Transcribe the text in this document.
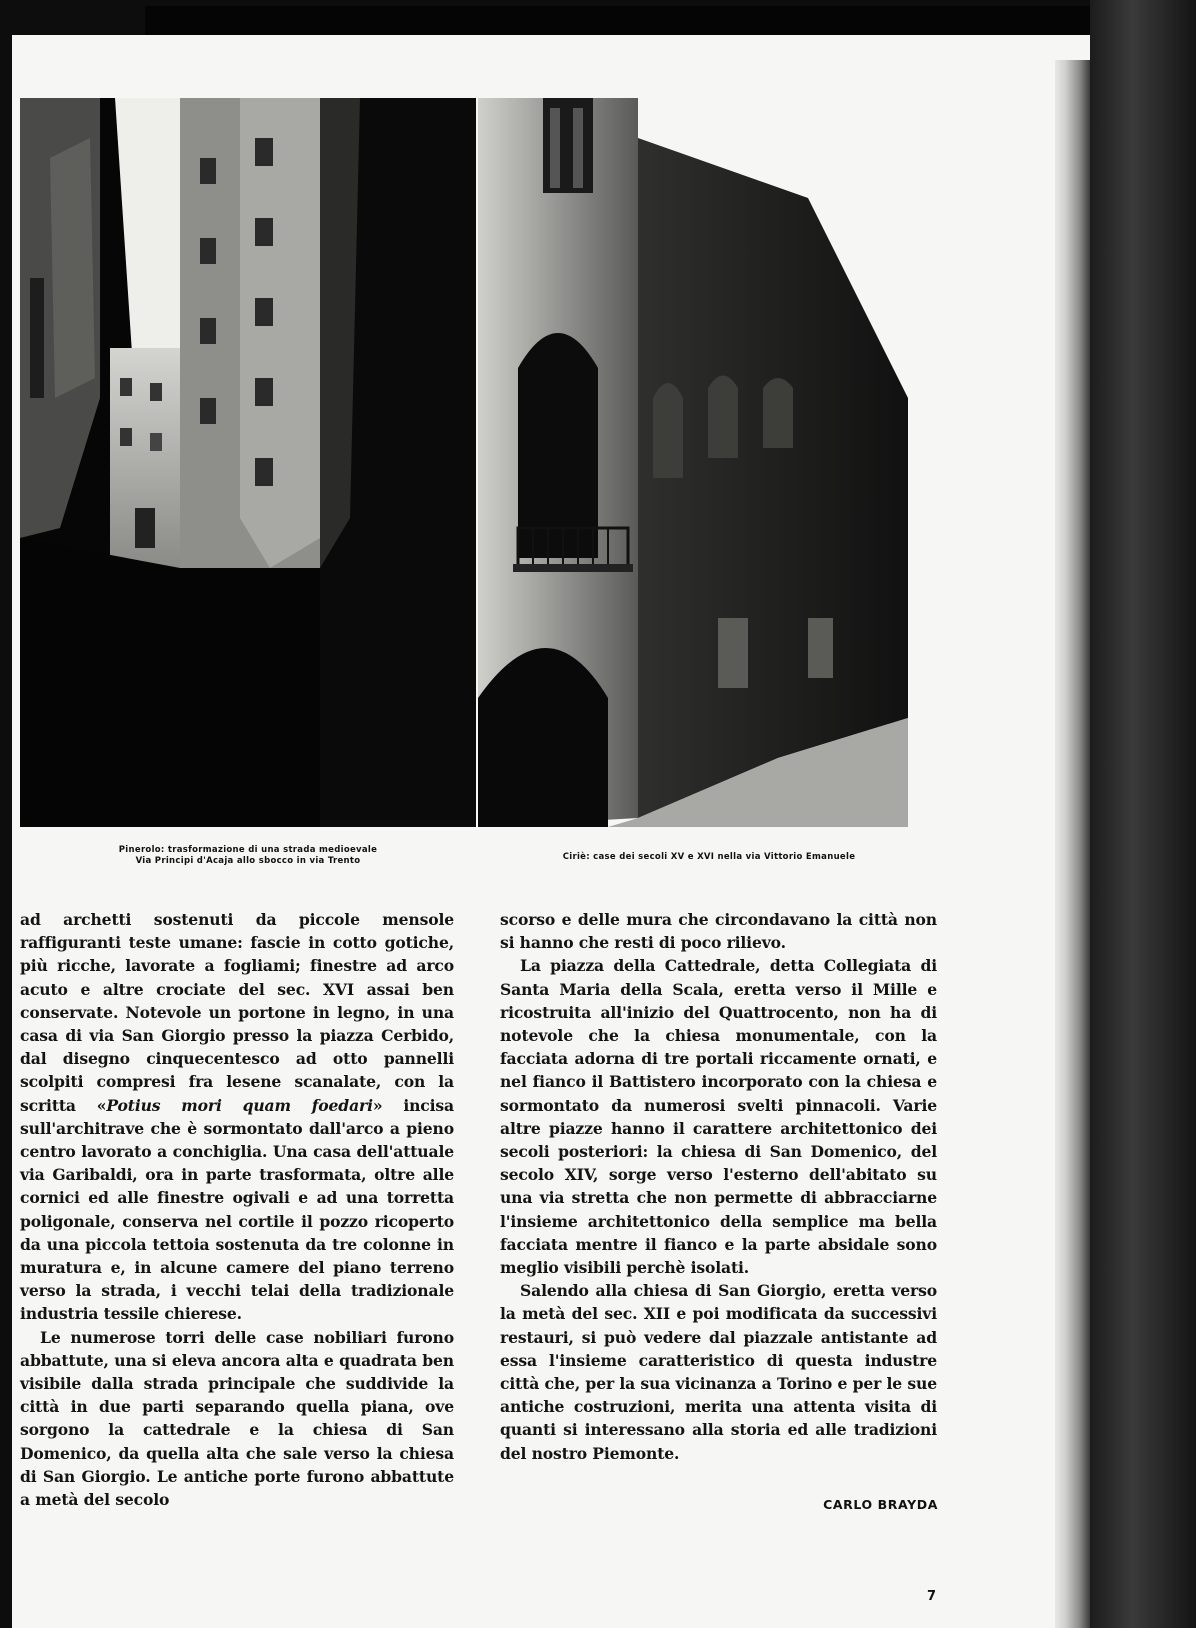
Pinerolo: trasformazione di una strada medioevale
Via Principi d'Acaja allo sbocco in via Trento	Ciriè: case dei secoli XV e XVI nella via Vittorio Emanuele

ad archetti sostenuti da piccole mensole raffiguranti teste umane: fascie in cotto gotiche, più ricche, lavorate a fogliami; finestre ad arco acuto e altre crociate del sec. XVI assai ben conservate. Notevole un portone in legno, in una casa di via San Giorgio presso la piazza Cerbido, dal disegno cinquecentesco ad otto pannelli scolpiti compresi fra lesene scanalate, con la scritta «Potius mori quam foedari» incisa sull'architrave che è sormontato dall'arco a pieno centro lavorato a conchiglia. Una casa dell'attuale via Garibaldi, ora in parte trasformata, oltre alle cornici ed alle finestre ogivali e ad una torretta poligonale, conserva nel cortile il pozzo ricoperto da una piccola tettoia sostenuta da tre colonne in muratura e, in alcune camere del piano terreno verso la strada, i vecchi telai della tradizionale industria tessile chierese.

Le numerose torri delle case nobiliari furono abbattute, una si eleva ancora alta e quadrata ben visibile dalla strada principale che suddivide la città in due parti separando quella piana, ove sorgono la cattedrale e la chiesa di San Domenico, da quella alta che sale verso la chiesa di San Giorgio. Le antiche porte furono abbattute a metà del secolo

scorso e delle mura che circondavano la città non si hanno che resti di poco rilievo.

La piazza della Cattedrale, detta Collegiata di Santa Maria della Scala, eretta verso il Mille e ricostruita all'inizio del Quattrocento, non ha di notevole che la chiesa monumentale, con la facciata adorna di tre portali riccamente ornati, e nel fianco il Battistero incorporato con la chiesa e sormontato da numerosi svelti pinnacoli. Varie altre piazze hanno il carattere architettonico dei secoli posteriori: la chiesa di San Domenico, del secolo XIV, sorge verso l'esterno dell'abitato su una via stretta che non permette di abbracciarne l'insieme architettonico della semplice ma bella facciata mentre il fianco e la parte absidale sono meglio visibili perchè isolati.

Salendo alla chiesa di San Giorgio, eretta verso la metà del sec. XII e poi modificata da successivi restauri, si può vedere dal piazzale antistante ad essa l'insieme caratteristico di questa industre città che, per la sua vicinanza a Torino e per le sue antiche costruzioni, merita una attenta visita di quanti si interessano alla storia ed alle tradizioni del nostro Piemonte.

CARLO BRAYDA
7
